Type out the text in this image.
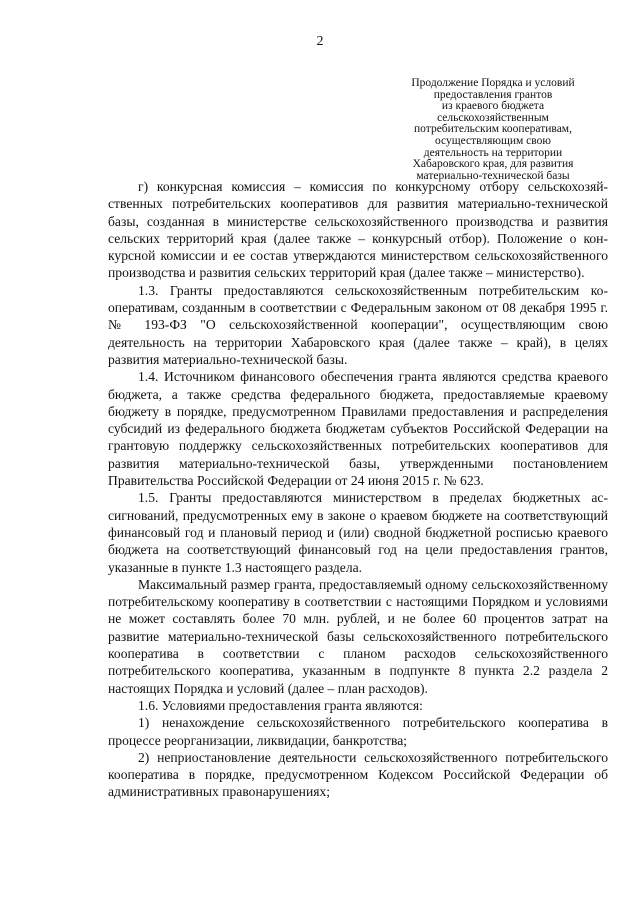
2
Продолжение Порядка и условий
предоставления грантов
из краевого бюджета
сельскохозяйственным
потребительским кооперативам,
осуществляющим свою
деятельность на территории
Хабаровского края, для развития
материально-технической базы

г) конкурсная комиссия – комиссия по конкурсному отбору сельскохозяйственных потребительских кооперативов для развития материально-технической базы, созданная в министерстве сельскохозяйственного производства и развития сельских территорий края (далее также – конкурсный отбор). Положение о конкурсной комиссии и ее состав утверждаются министерством сельскохозяйственного производства и развития сельских территорий края (далее также – министерство).

1.3. Гранты предоставляются сельскохозяйственным потребительским кооперативам, созданным в соответствии с Федеральным законом от 08 декабря 1995 г. № 193-ФЗ "О сельскохозяйственной кооперации", осуществляющим свою деятельность на территории Хабаровского края (далее также – край), в целях развития материально-технической базы.

1.4. Источником финансового обеспечения гранта являются средства краевого бюджета, а также средства федерального бюджета, предоставляемые краевому бюджету в порядке, предусмотренном Правилами предоставления и распределения субсидий из федерального бюджета бюджетам субъектов Российской Федерации на грантовую поддержку сельскохозяйственных потребительских кооперативов для развития материально-технической базы, утвержденными постановлением Правительства Российской Федерации от 24 июня 2015 г. № 623.

1.5. Гранты предоставляются министерством в пределах бюджетных ассигнований, предусмотренных ему в законе о краевом бюджете на соответствующий финансовый год и плановый период и (или) сводной бюджетной росписью краевого бюджета на соответствующий финансовый год на цели предоставления грантов, указанные в пункте 1.3 настоящего раздела.

Максимальный размер гранта, предоставляемый одному сельскохозяйственному потребительскому кооперативу в соответствии с настоящими Порядком и условиями не может составлять более 70 млн. рублей, и не более 60 процентов затрат на развитие материально-технической базы сельскохозяйственного потребительского кооператива в соответствии с планом расходов сельскохозяйственного потребительского кооператива, указанным в подпункте 8 пункта 2.2 раздела 2 настоящих Порядка и условий (далее – план расходов).

1.6. Условиями предоставления гранта являются:

1) ненахождение сельскохозяйственного потребительского кооператива в процессе реорганизации, ликвидации, банкротства;

2) неприостановление деятельности сельскохозяйственного потребительского кооператива в порядке, предусмотренном Кодексом Российской Федерации об административных правонарушениях;
